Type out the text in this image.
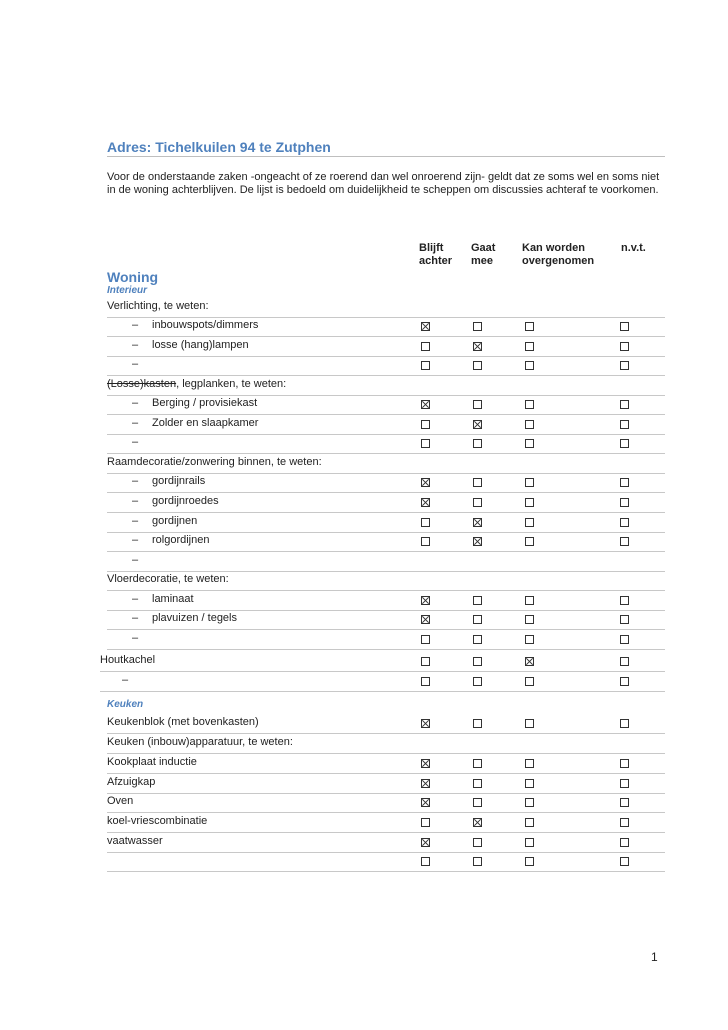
Adres: Tichelkuilen 94 te Zutphen

Voor de onderstaande zaken -ongeacht of ze roerend dan wel onroerend zijn- geldt dat ze soms wel en soms niet in de woning achterblijven. De lijst is bedoeld om duidelijkheid te scheppen om discussies achteraf te voorkomen.

Blijft
achter
Gaat
mee
Kan worden
overgenomen
n.v.t.
Woning
Interieur
Keuken
Verlichting, te weten:
– inbouwspots/dimmers
– losse (hang)lampen
–
(Losse)kasten, legplanken, te weten:
– Berging / provisiekast
– Zolder en slaapkamer
–
Raamdecoratie/zonwering binnen, te weten:
– gordijnrails
– gordijnroedes
– gordijnen
– rolgordijnen
–
Vloerdecoratie, te weten:
– laminaat
– plavuizen / tegels
–
Houtkachel
–
Keukenblok (met bovenkasten)
Keuken (inbouw)apparatuur, te weten:
Kookplaat inductie
Afzuigkap
Oven
koel-vriescombinatie
vaatwasser
1
